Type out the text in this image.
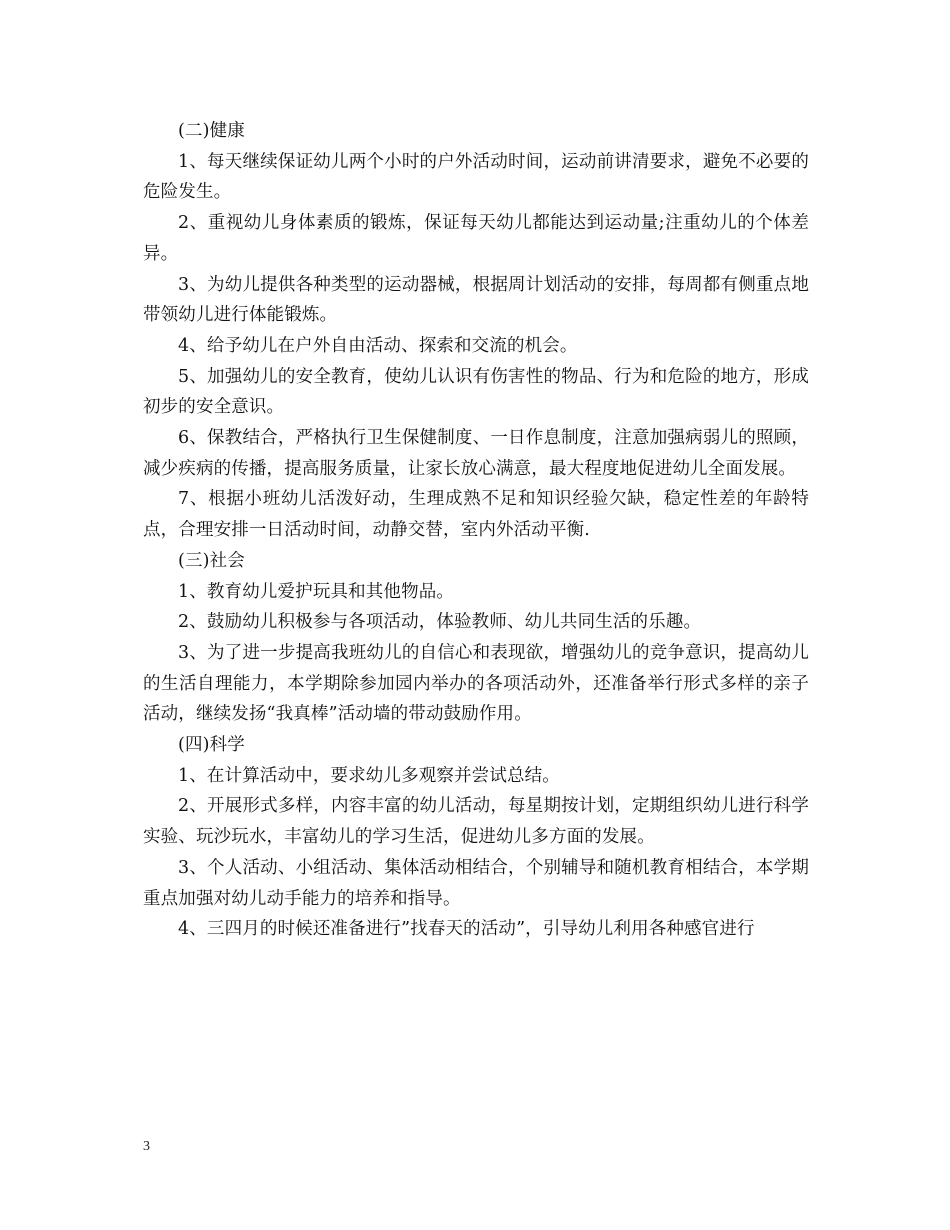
(二)健康

1、每天继续保证幼儿两个小时的户外活动时间，运动前讲清要求，避免不必要的危险发生。

2、重视幼儿身体素质的锻炼，保证每天幼儿都能达到运动量;注重幼儿的个体差异。

3、为幼儿提供各种类型的运动器械，根据周计划活动的安排，每周都有侧重点地带领幼儿进行体能锻炼。

4、给予幼儿在户外自由活动、探索和交流的机会。

5、加强幼儿的安全教育，使幼儿认识有伤害性的物品、行为和危险的地方，形成初步的安全意识。

6、保教结合，严格执行卫生保健制度、一日作息制度，注意加强病弱儿的照顾，减少疾病的传播，提高服务质量，让家长放心满意，最大程度地促进幼儿全面发展。

7、根据小班幼儿活泼好动，生理成熟不足和知识经验欠缺，稳定性差的年龄特点，合理安排一日活动时间，动静交替，室内外活动平衡.

(三)社会

1、教育幼儿爱护玩具和其他物品。

2、鼓励幼儿积极参与各项活动，体验教师、幼儿共同生活的乐趣。

3、为了进一步提高我班幼儿的自信心和表现欲，增强幼儿的竞争意识，提高幼儿的生活自理能力，本学期除参加园内举办的各项活动外，还准备举行形式多样的亲子活动，继续发扬“我真棒”活动墙的带动鼓励作用。

(四)科学

1、在计算活动中，要求幼儿多观察并尝试总结。

2、开展形式多样，内容丰富的幼儿活动，每星期按计划，定期组织幼儿进行科学实验、玩沙玩水，丰富幼儿的学习生活，促进幼儿多方面的发展。

3、个人活动、小组活动、集体活动相结合，个别辅导和随机教育相结合，本学期重点加强对幼儿动手能力的培养和指导。

4、三四月的时候还准备进行”找春天的活动”，引导幼儿利用各种感官进行

3
